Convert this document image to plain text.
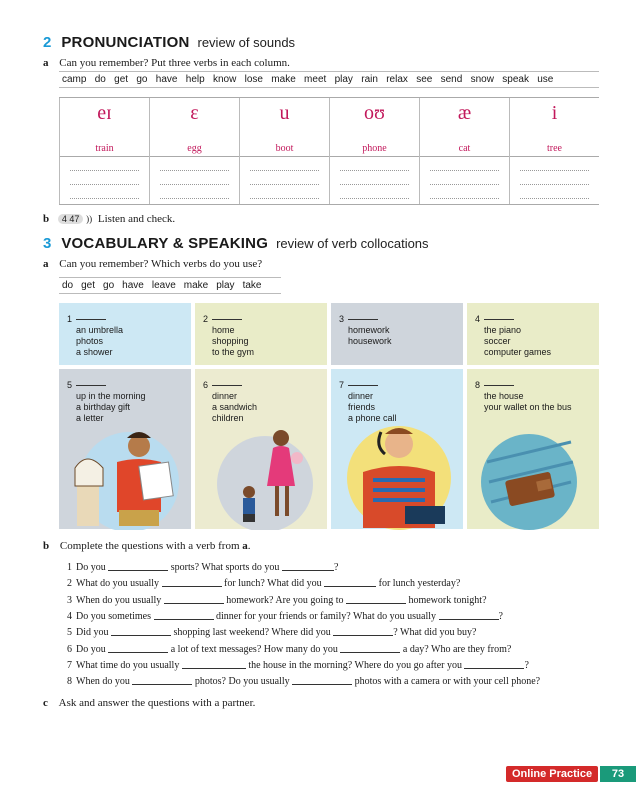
2 PRONUNCIATION review of sounds
a Can you remember? Put three verbs in each column.
camp do get go have help know lose make meet play rain relax see send snow speak use
eɪ
train
ɛ
egg
u
boot
oʊ
phone
æ
cat
i
tree
b 4 47 )) Listen and check.
3 VOCABULARY & SPEAKING review of verb collocations
a Can you remember? Which verbs do you use?
do get go have leave make play take
1
an umbrella
photos
a shower
2
home
shopping
to the gym
3
homework
housework
4
the piano
soccer
computer games
5
up in the morning
a birthday gift
a letter
6
dinner
a sandwich
children
7
dinner
friends
a phone call
8
the house
your wallet on the bus
b Complete the questions with a verb from a.
1 Do you	sports? What sports do you	?
2 What do you usually	for lunch? What did you	for lunch yesterday?
3 When do you usually	homework? Are you going to	homework tonight?
4 Do you sometimes	dinner for your friends or family? What do you usually	?
5 Did you	shopping last weekend? Where did you	? What did you buy?
6 Do you	a lot of text messages? How many do you	a day? Who are they from?
7 What time do you usually	the house in the morning? Where do you go after you	?
8 When do you	photos? Do you usually	photos with a camera or with your cell phone?
c Ask and answer the questions with a partner.
Online Practice	73
